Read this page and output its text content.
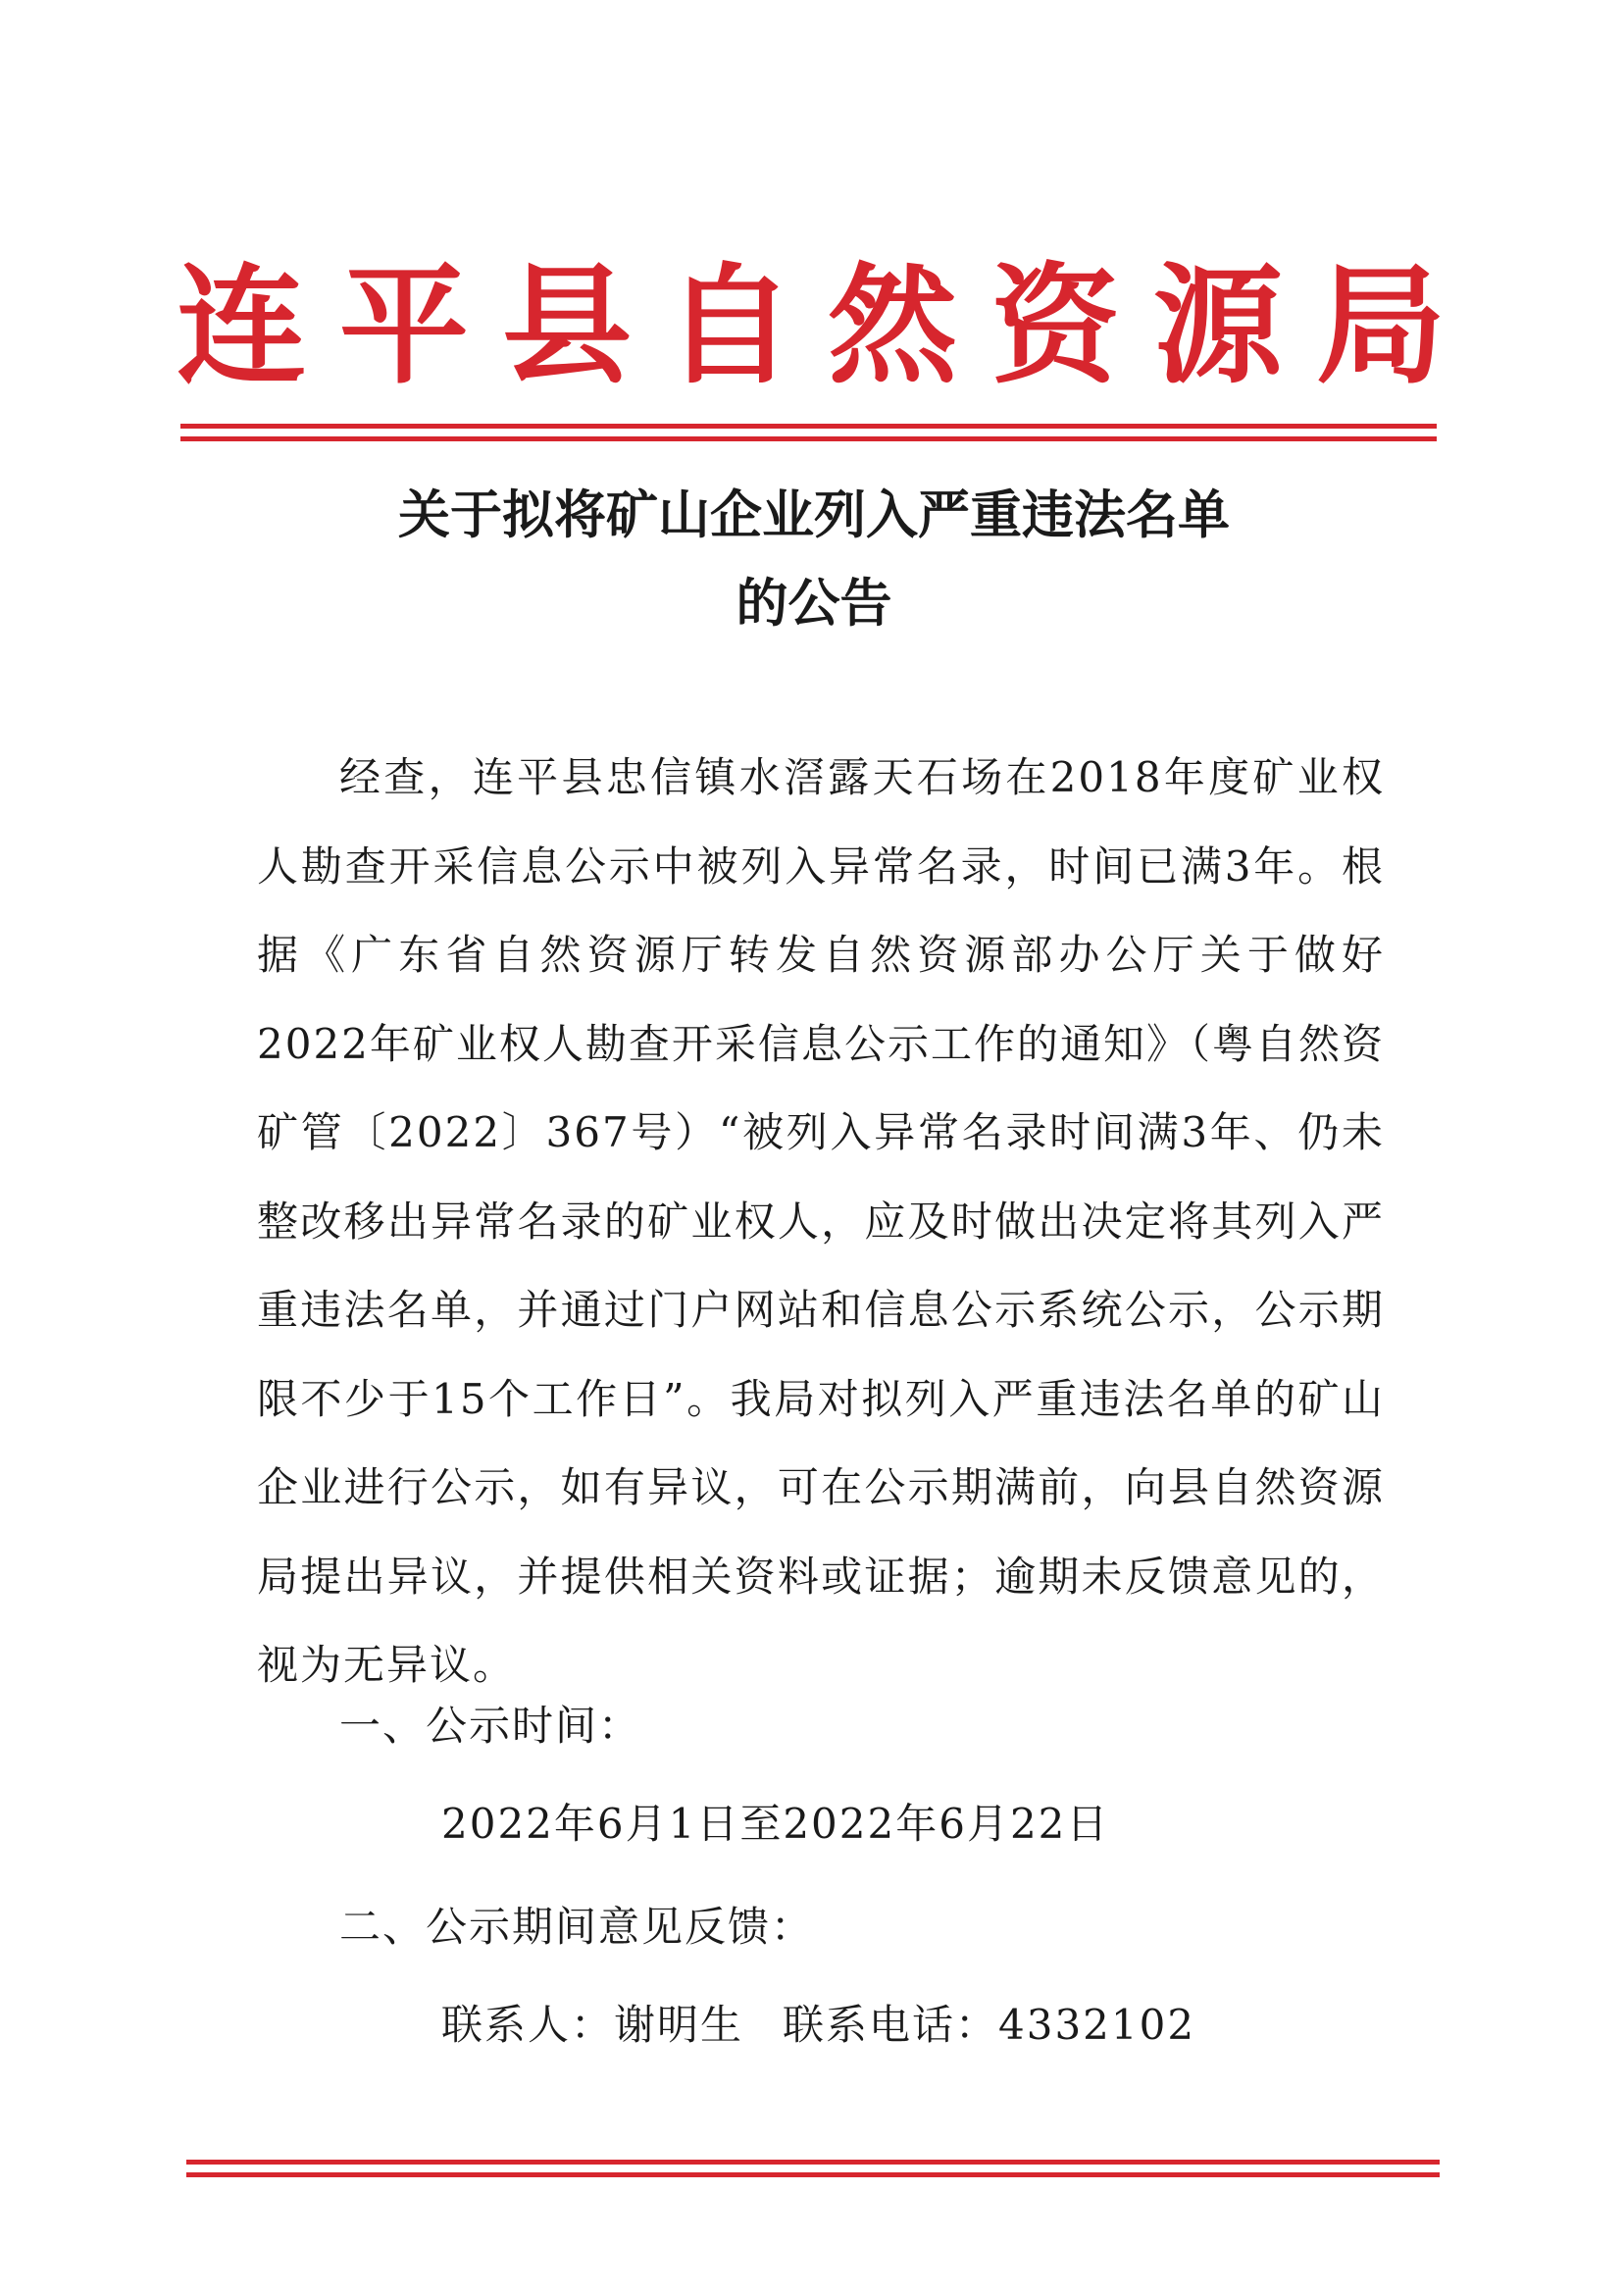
连平县自然资源局
关于拟将矿山企业列入严重违法名单
的公告

经查，连平县忠信镇水滘露天石场在2018年度矿业权人勘查开采信息公示中被列入异常名录，时间已满3年。根据《广东省自然资源厅转发自然资源部办公厅关于做好2022年矿业权人勘查开采信息公示工作的通知》（粤自然资矿管〔2022〕367号）“被列入异常名录时间满3年、仍未整改移出异常名录的矿业权人，应及时做出决定将其列入严重违法名单，并通过门户网站和信息公示系统公示，公示期限不少于15个工作日”。我局对拟列入严重违法名单的矿山企业进行公示，如有异议，可在公示期满前，向县自然资源局提出异议，并提供相关资料或证据；逾期未反馈意见的，视为无异议。

一、公示时间：
2022年6月1日至2022年6月22日
二、公示期间意见反馈：
联系人：谢明生 联系电话：4332102
